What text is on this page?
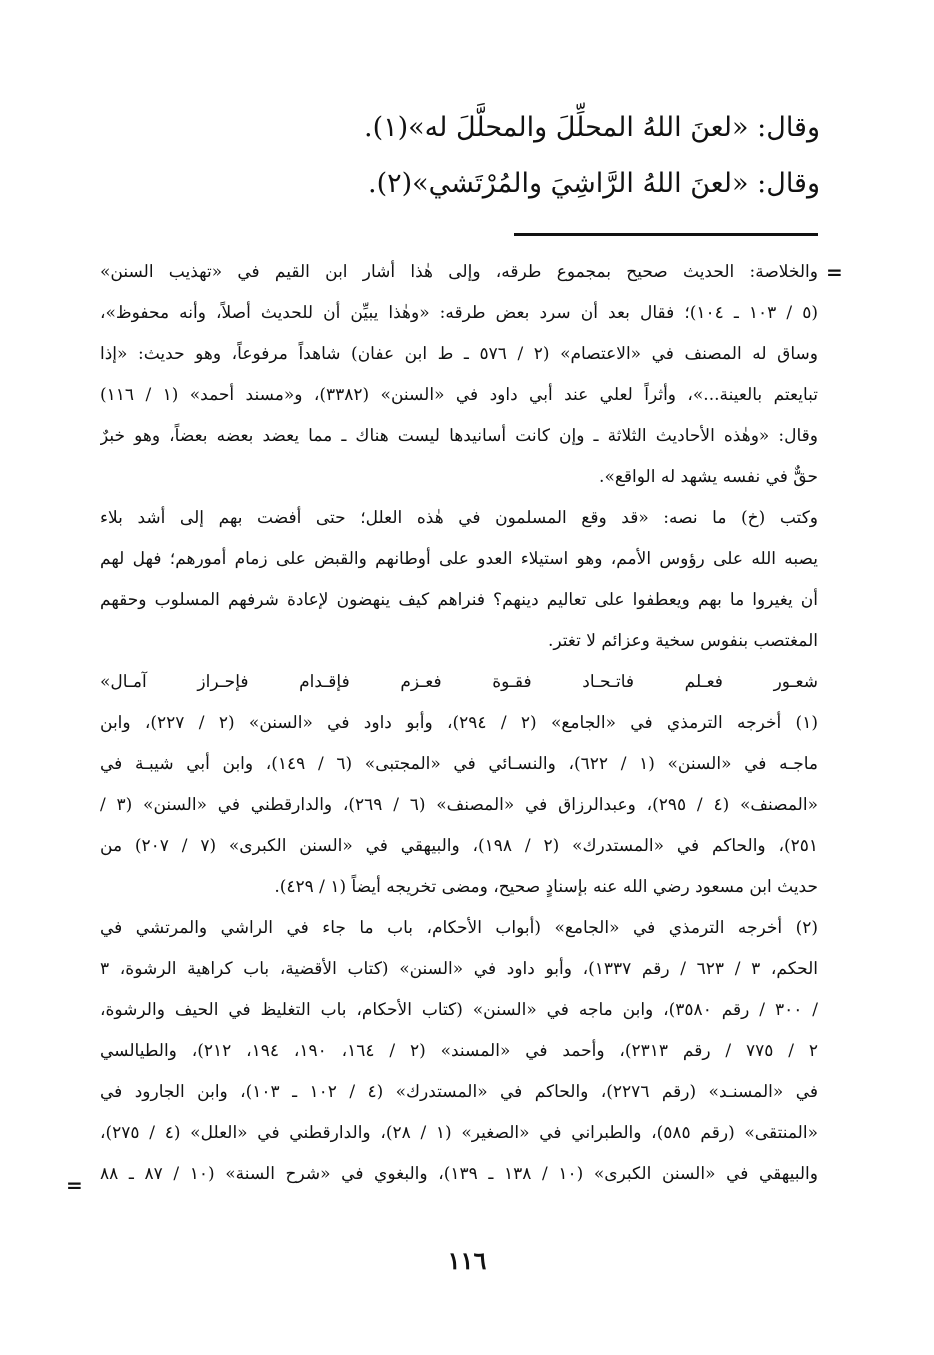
وقال: «لعنَ اللهُ المحلِّلَ والمحلَّلَ له»(١).
وقال: «لعنَ اللهُ الرَّاشِيَ والمُرْتَشي»(٢).
=
والخلاصة: الحديث صحيح بمجموع طرقه، وإلى هٰذا أشار ابن القيم في «تهذيب السنن»
(٥ / ١٠٣ ـ ١٠٤)؛ فقال بعد أن سرد بعض طرقه: «وهٰذا يبيِّن أن للحديث أصلاً، وأنه محفوظ»،
وساق له المصنف في «الاعتصام» (٢ / ٥٧٦ ـ ط ابن عفان) شاهداً مرفوعاً، وهو حديث: «إذا
تبايعتم بالعينة...»، وأثراً لعلي عند أبي داود في «السنن» (٣٣٨٢)، و«مسند أحمد» (١ / ١١٦)
وقال: «وهٰذه الأحاديث الثلاثة ـ وإن كانت أسانيدها ليست هناك ـ مما يعضد بعضه بعضاً، وهو خبرٌ
حقٌّ في نفسه يشهد له الواقع».
وكتب (خ) ما نصه: «قد وقع المسلمون في هٰذه العلل؛ حتى أفضت بهم إلى أشد بلاء
يصبه الله على رؤوس الأمم، وهو استيلاء العدو على أوطانهم والقبض على زمام أمورهم؛ فهل لهم
أن يغيروا ما بهم ويعطفوا على تعاليم دينهم؟ فنراهم كيف ينهضون لإعادة شرفهم المسلوب وحقهم
المغتصب بنفوس سخية وعزائم لا تغتر.
شعـور فعـلم فاتـحـاد فقـوة فعـزم فإقـدام فإحـراز آمـال»
(١) أخرجه الترمذي في «الجامع» (٢ / ٢٩٤)، وأبو داود في «السنن» (٢ / ٢٢٧)، وابن
ماجـه في «السنن» (١ / ٦٢٢)، والنسـائي في «المجتبى» (٦ / ١٤٩)، وابن أبي شيبـة في
«المصنف» (٤ / ٢٩٥)، وعبدالرزاق في «المصنف» (٦ / ٢٦٩)، والدارقطني في «السنن» (٣ /
٢٥١)، والحاكم في «المستدرك» (٢ / ١٩٨)، والبيهقي في «السنن الكبرى» (٧ / ٢٠٧) من
حديث ابن مسعود رضي الله عنه بإسنادٍ صحيح، ومضى تخريجه أيضاً (١ / ٤٢٩).
(٢) أخرجه الترمذي في «الجامع» (أبواب الأحكام، باب ما جاء في الراشي والمرتشي في
الحكم، ٣ / ٦٢٣ / رقم ١٣٣٧)، وأبو داود في «السنن» (كتاب الأقضية، باب كراهية الرشوة، ٣
/ ٣٠٠ / رقم ٣٥٨٠)، وابن ماجه في «السنن» (كتاب الأحكام، باب التغليظ في الحيف والرشوة،
٢ / ٧٧٥ / رقم ٢٣١٣)، وأحمد في «المسند» (٢ / ١٦٤، ١٩٠، ١٩٤، ٢١٢)، والطيالسي
في «المسنـد» (رقم ٢٢٧٦)، والحاكم في «المستدرك» (٤ / ١٠٢ ـ ١٠٣)، وابن الجارود في
«المنتقى» (رقم ٥٨٥)، والطبراني في «الصغير» (١ / ٢٨)، والدارقطني في «العلل» (٤ / ٢٧٥)،
والبيهقي في «السنن الكبرى» (١٠ / ١٣٨ ـ ١٣٩)، والبغوي في «شرح السنة» (١٠ / ٨٧ ـ ٨٨
=
١١٦
